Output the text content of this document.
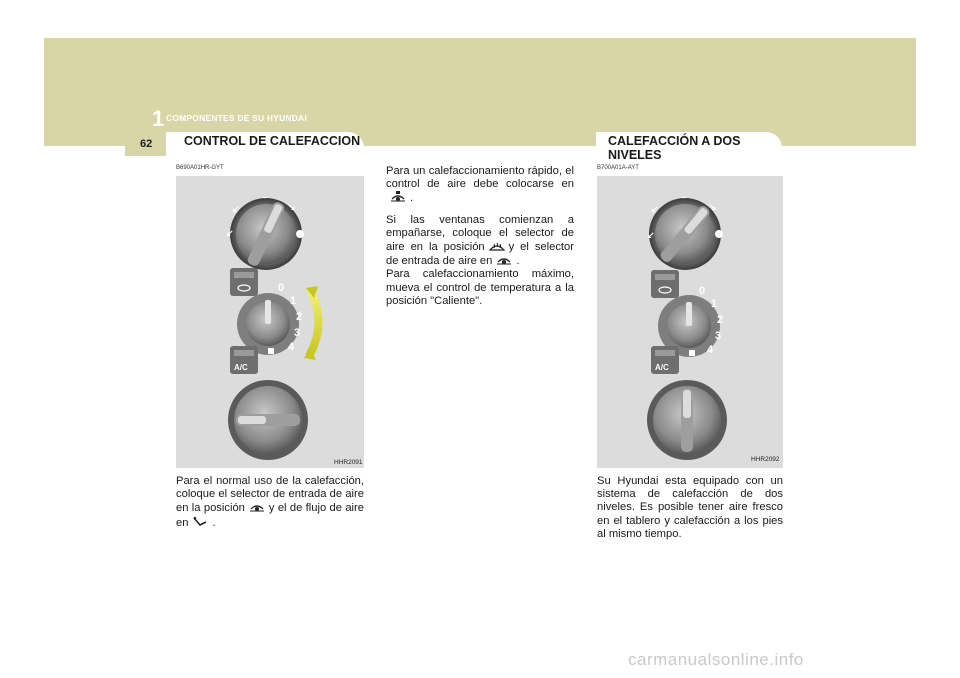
1 COMPONENTES DE SU HYUNDAI
62	CONTROL DE CALEFACCION	CALEFACCIÓN A DOS NIVELES
B690A01HR-GYT	B700A01A-AYT
↙
↙
⌣
↘
0
1
2
3
4
A/C
HHR2091
↙
↙
⌣
↘
0
1
2
3
4
A/C
HHR2092

Para el normal uso de la calefacción, coloque el selector de entrada de aire en la posición y el de flujo de aire en .

Para un calefaccionamiento rápido, el control de aire debe colocarse en.

Si las ventanas comienzan a empañarse, coloque el selector de aire en la posición y el selector de entrada de aire en .

Para calefaccionamiento máximo, mueva el control de temperatura a la posición "Caliente".

Su Hyundai esta equipado con un sistema de calefacción de dos niveles. Es posible tener aire fresco en el tablero y calefacción a los pies al mismo tiempo.
carmanualsonline.info
